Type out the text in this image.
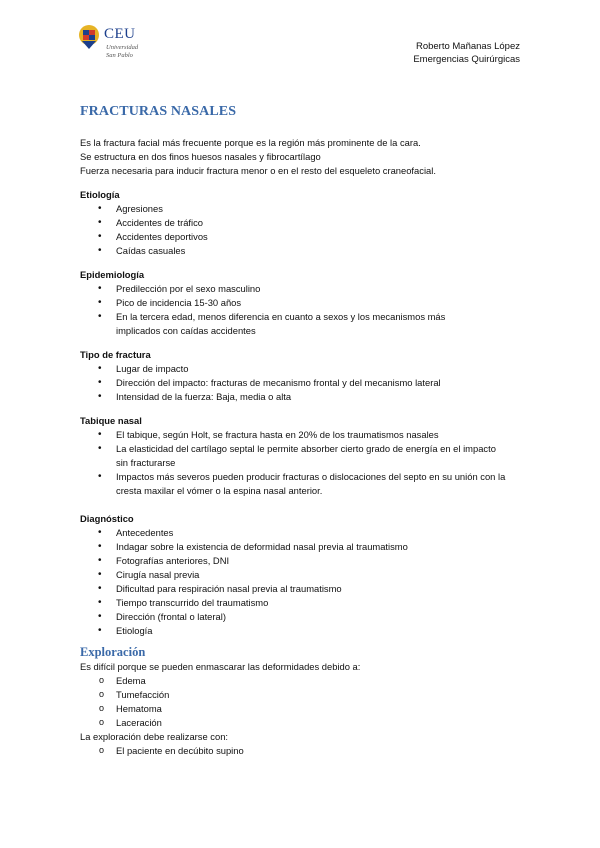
CEU
Universidad
San Pablo
Roberto Mañanas López
Emergencias Quirúrgicas
FRACTURAS NASALES

Es la fractura facial más frecuente porque es la región más prominente de la cara.

Se estructura en dos finos huesos nasales y fibrocartílago

Fuerza necesaria para inducir fractura menor o en el resto del esqueleto craneofacial.

Etiología
• Agresiones
• Accidentes de tráfico
• Accidentes deportivos
• Caídas casuales
Epidemiología
• Predilección por el sexo masculino
• Pico de incidencia 15-30 años
• En la tercera edad, menos diferencia en cuanto a sexos y los mecanismos más implicados con caídas accidentes
Tipo de fractura
• Lugar de impacto
• Dirección del impacto: fracturas de mecanismo frontal y del mecanismo lateral
• Intensidad de la fuerza: Baja, media o alta
Tabique nasal
• El tabique, según Holt, se fractura hasta en 20% de los traumatismos nasales
• La elasticidad del cartílago septal le permite absorber cierto grado de energía en el impacto sin fracturarse
• Impactos más severos pueden producir fracturas o dislocaciones del septo en su unión con la cresta maxilar el vómer o la espina nasal anterior.
Diagnóstico
• Antecedentes
• Indagar sobre la existencia de deformidad nasal previa al traumatismo
• Fotografías anteriores, DNI
• Cirugía nasal previa
• Dificultad para respiración nasal previa al traumatismo
• Tiempo transcurrido del traumatismo
• Dirección (frontal o lateral)
• Etiología
Exploración

Es difícil porque se pueden enmascarar las deformidades debido a:

o Edema
o Tumefacción
o Hematoma
o Laceración

La exploración debe realizarse con:

o El paciente en decúbito supino
